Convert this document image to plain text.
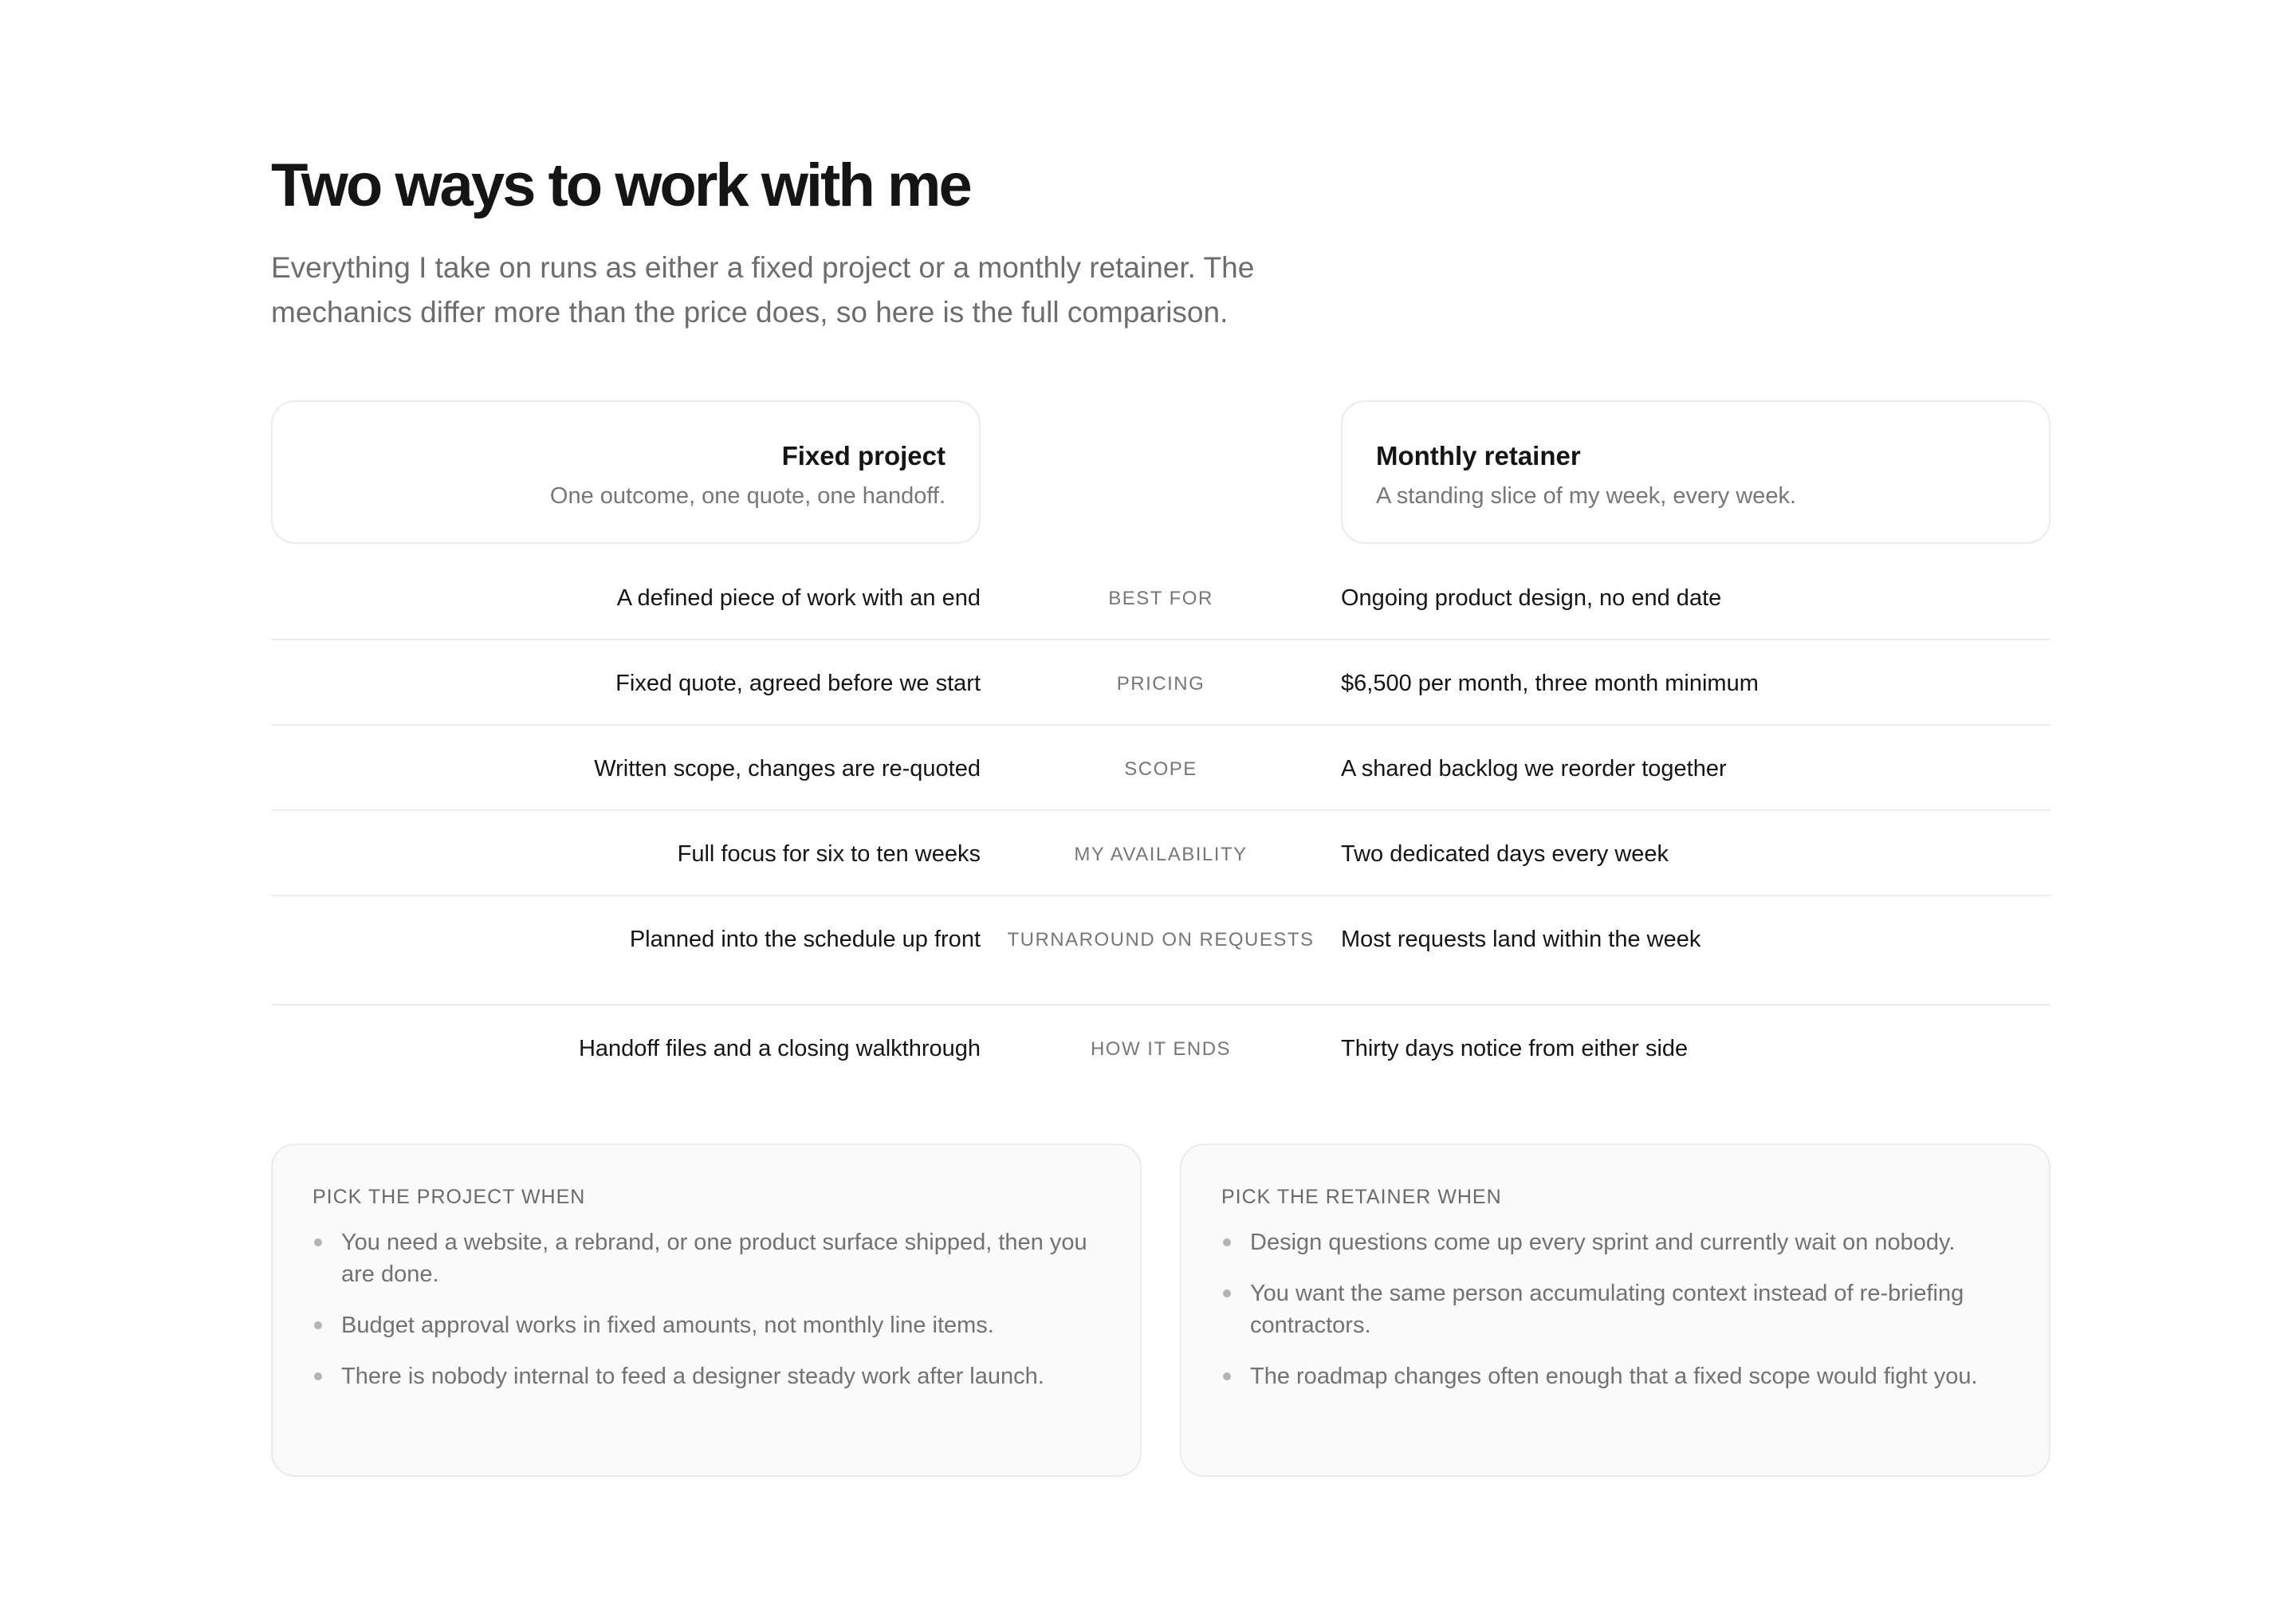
Two ways to work with me

Everything I take on runs as either a fixed project or a monthly retainer. The mechanics differ more than the price does, so here is the full comparison.

Fixed project
One outcome, one quote, one handoff.
Monthly retainer
A standing slice of my week, every week.
A defined piece of work with an end	BEST FOR	Ongoing product design, no end date
Fixed quote, agreed before we start	PRICING	$6,500 per month, three month minimum
Written scope, changes are re-quoted	SCOPE	A shared backlog we reorder together
Full focus for six to ten weeks	MY AVAILABILITY	Two dedicated days every week
Planned into the schedule up front	TURNAROUND ON REQUESTS	Most requests land within the week
Handoff files and a closing walkthrough	HOW IT ENDS	Thirty days notice from either side
PICK THE PROJECT WHEN
You need a website, a rebrand, or one product surface shipped, then you are done.
Budget approval works in fixed amounts, not monthly line items.
There is nobody internal to feed a designer steady work after launch.
PICK THE RETAINER WHEN
Design questions come up every sprint and currently wait on nobody.
You want the same person accumulating context instead of re-briefing contractors.
The roadmap changes often enough that a fixed scope would fight you.
